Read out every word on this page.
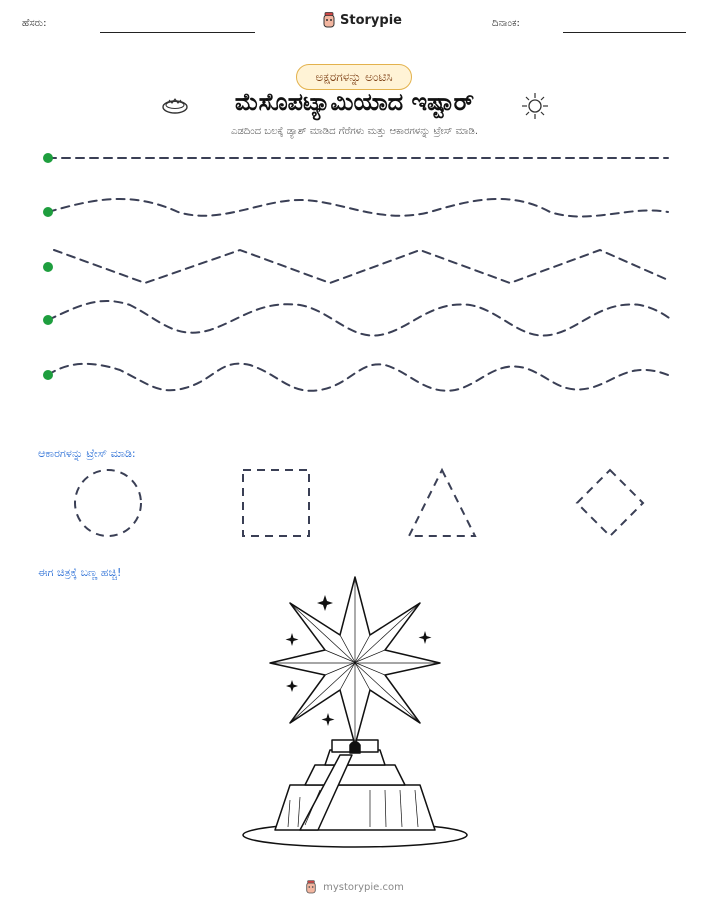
ಹೆಸರು:	Storypie	ದಿನಾಂಕ:
ಅಕ್ಷರಗಳನ್ನು ಅಂಟಿಸಿ
ಮೆಸೊಪಟ್ಯಾಮಿಯಾದ ಇಷ್ಟಾರ್
ಎಡದಿಂದ ಬಲಕ್ಕೆ ಡ್ಯಾಶ್ ಮಾಡಿದ ಗೆರೆಗಳು ಮತ್ತು ಆಕಾರಗಳನ್ನು ಟ್ರೇಸ್ ಮಾಡಿ.
ಆಕಾರಗಳನ್ನು ಟ್ರೇಸ್ ಮಾಡಿ:
ಈಗ ಚಿತ್ರಕ್ಕೆ ಬಣ್ಣ ಹಚ್ಚಿ!
mystorypie.com
